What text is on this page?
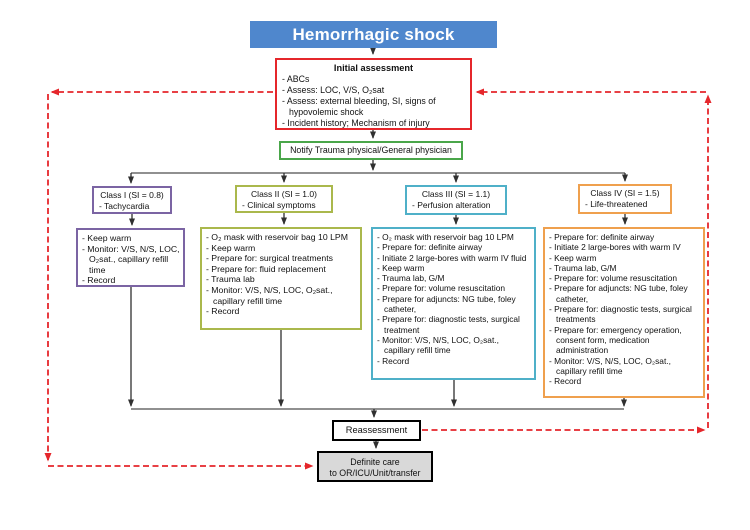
Hemorrhagic shock
Initial assessment
- ABCs
- Assess: LOC, V/S, O₂sat
- Assess: external bleeding, SI, signs of hypovolemic shock
- Incident history; Mechanism of injury
Notify Trauma physical/General physician
Class I (SI = 0.8)
- Tachycardia
Class II (SI = 1.0)
- Clinical symptoms
Class III (SI = 1.1)
- Perfusion alteration
Class IV (SI = 1.5)
- Life-threatened
- Keep warm
- Monitor: V/S, N/S, LOC, O₂sat., capillary refill time
- Record
- O₂ mask with reservoir bag 10 LPM
- Keep warm
- Prepare for: surgical treatments
- Prepare for: fluid replacement
- Trauma lab
- Monitor: V/S, N/S, LOC, O₂sat., capillary refill time
- Record
- O₂ mask with reservoir bag 10 LPM
- Prepare for: definite airway
- Initiate 2 large-bores with warm IV fluid
- Keep warm
- Trauma lab, G/M
- Prepare for: volume resuscitation
- Prepare for adjuncts: NG tube, foley catheter,
- Prepare for: diagnostic tests, surgical treatment
- Monitor: V/S, N/S, LOC, O₂sat., capillary refill time
- Record
- Prepare for: definite airway
- Initiate 2 large-bores with warm IV
- Keep warm
- Trauma lab, G/M
- Prepare for: volume resuscitation
- Prepare for adjuncts: NG tube, foley catheter,
- Prepare for: diagnostic tests, surgical treatments
- Prepare for: emergency operation, consent form, medication administration
- Monitor: V/S, N/S, LOC, O₂sat., capillary refill time
- Record
Reassessment
Definite care
to OR/ICU/Unit/transfer
